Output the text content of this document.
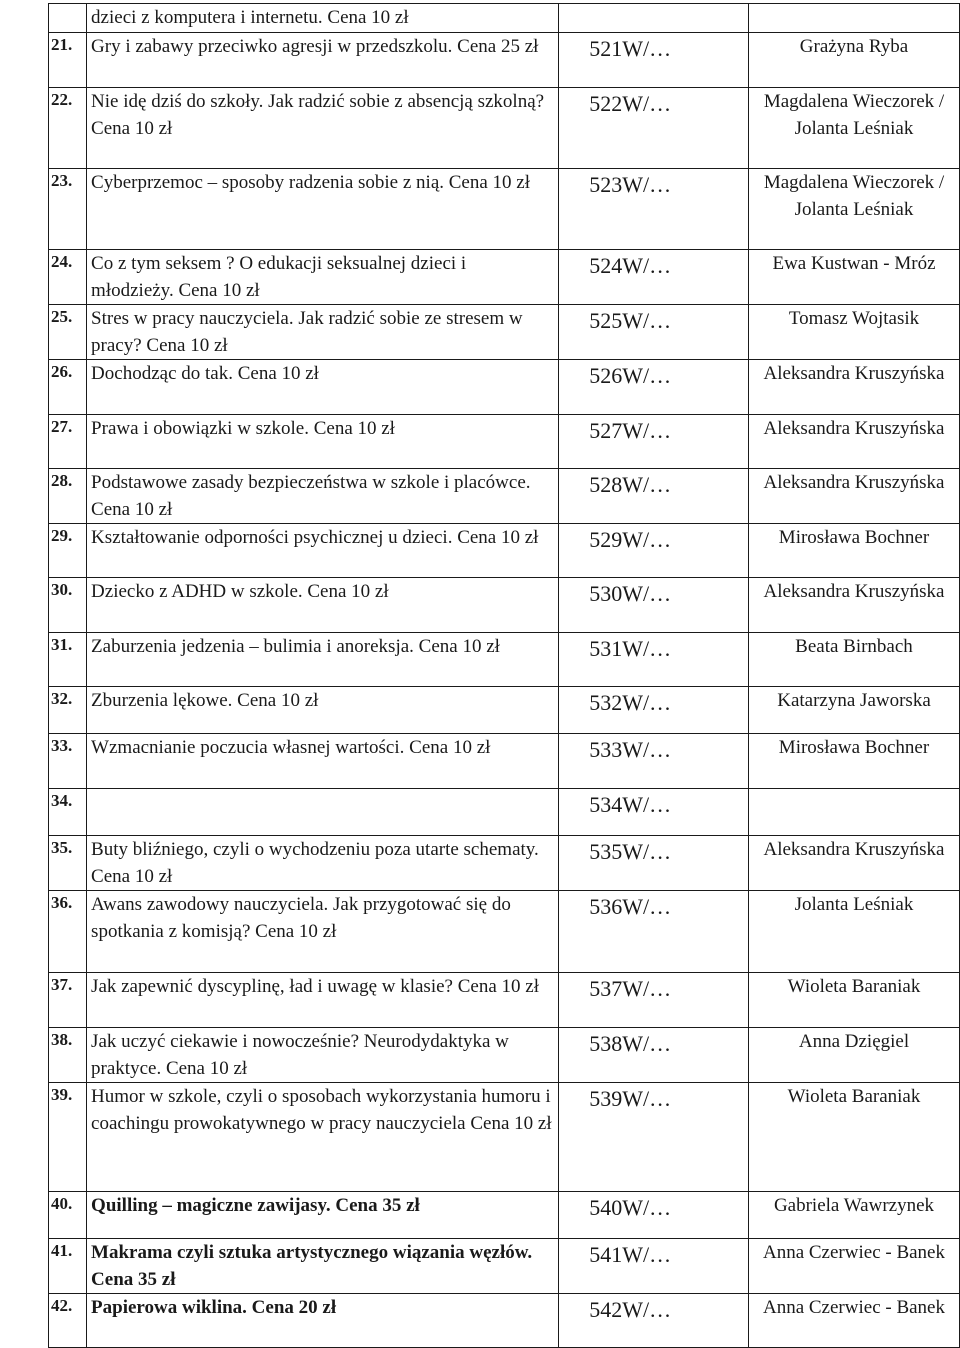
	dzieci z komputera i internetu. Cena 10 zł		
21.	Gry i zabawy przeciwko agresji w przedszkolu. Cena 25 zł	521W/…	Grażyna Ryba
22.	Nie idę dziś do szkoły. Jak radzić sobie z absencją szkolną? Cena 10 zł	522W/…	Magdalena Wieczorek / Jolanta Leśniak
23.	Cyberprzemoc – sposoby radzenia sobie z nią. Cena 10 zł	523W/…	Magdalena Wieczorek / Jolanta Leśniak
24.	Co z tym seksem ? O edukacji seksualnej dzieci i młodzieży. Cena 10 zł	524W/…	Ewa Kustwan - Mróz
25.	Stres w pracy nauczyciela. Jak radzić sobie ze stresem w pracy? Cena 10 zł	525W/…	Tomasz Wojtasik
26.	Dochodząc do tak. Cena 10 zł	526W/…	Aleksandra Kruszyńska
27.	Prawa i obowiązki w szkole. Cena 10 zł	527W/…	Aleksandra Kruszyńska
28.	Podstawowe zasady bezpieczeństwa w szkole i placówce. Cena 10 zł	528W/…	Aleksandra Kruszyńska
29.	Kształtowanie odporności psychicznej u dzieci. Cena 10 zł	529W/…	Mirosława Bochner
30.	Dziecko z ADHD w szkole. Cena 10 zł	530W/…	Aleksandra Kruszyńska
31.	Zaburzenia jedzenia – bulimia i anoreksja. Cena 10 zł	531W/…	Beata Birnbach
32.	Zburzenia lękowe. Cena 10 zł	532W/…	Katarzyna Jaworska
33.	Wzmacnianie poczucia własnej wartości. Cena 10 zł	533W/…	Mirosława Bochner
34.		534W/…	
35.	Buty bliźniego, czyli o wychodzeniu poza utarte schematy. Cena 10 zł	535W/…	Aleksandra Kruszyńska
36.	Awans zawodowy nauczyciela. Jak przygotować się do spotkania z komisją? Cena 10 zł	536W/…	Jolanta Leśniak
37.	Jak zapewnić dyscyplinę, ład i uwagę w klasie? Cena 10 zł	537W/…	Wioleta Baraniak
38.	Jak uczyć ciekawie i nowocześnie? Neurodydaktyka w praktyce. Cena 10 zł	538W/…	Anna Dzięgiel
39.	Humor w szkole, czyli o sposobach wykorzystania humoru i coachingu prowokatywnego w pracy nauczyciela Cena 10 zł	539W/…	Wioleta Baraniak
40.	Quilling – magiczne zawijasy. Cena 35 zł	540W/…	Gabriela Wawrzynek
41.	Makrama czyli sztuka artystycznego wiązania węzłów. Cena 35 zł	541W/…	Anna Czerwiec - Banek
42.	Papierowa wiklina. Cena 20 zł	542W/…	Anna Czerwiec - Banek
